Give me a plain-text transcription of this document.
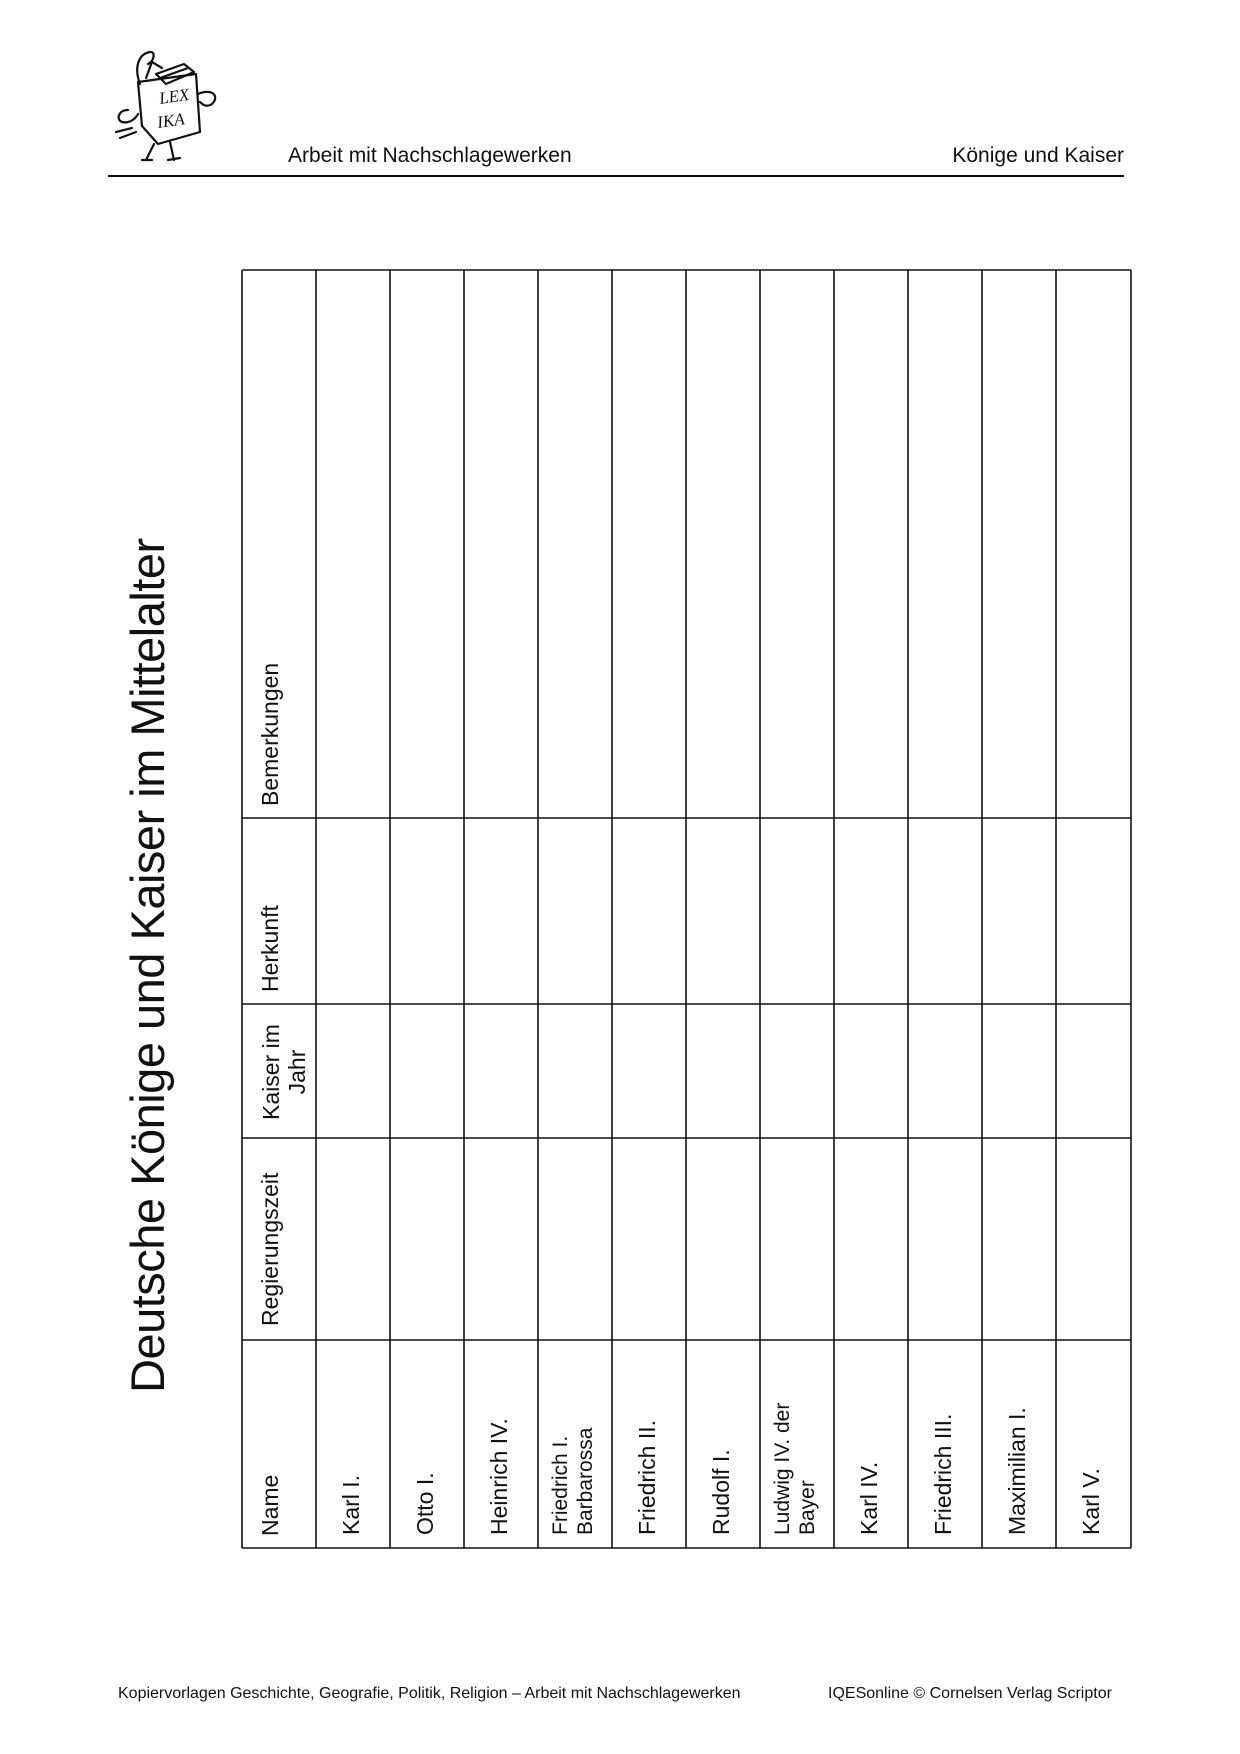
LEX
IKA
Arbeit mit Nachschlagewerken	Könige und Kaiser
Deutsche Könige und Kaiser im Mittelalter
Name
Regierungszeit
Kaiser im Jahr
Herkunft
Bemerkungen
Karl I. Otto I. Heinrich IV. Friedrich I. Barbarossa Friedrich II. Rudolf I. Ludwig IV. der Bayer Karl IV. Friedrich III. Maximilian I. Karl V.
Kopiervorlagen Geschichte, Geografie, Politik, Religion – Arbeit mit Nachschlagewerken	IQESonline © Cornelsen Verlag Scriptor
